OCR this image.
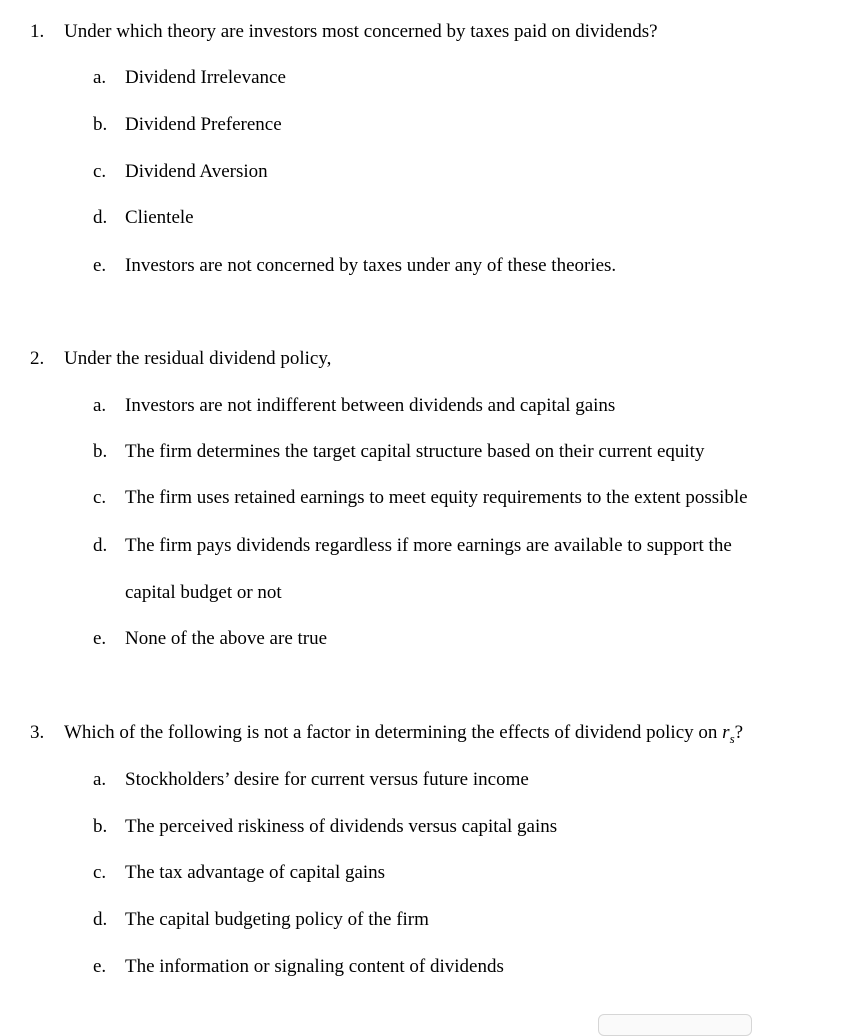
1. Under which theory are investors most concerned by taxes paid on dividends?
a. Dividend Irrelevance
b. Dividend Preference
c. Dividend Aversion
d. Clientele
e. Investors are not concerned by taxes under any of these theories.
2. Under the residual dividend policy,
a. Investors are not indifferent between dividends and capital gains
b. The firm determines the target capital structure based on their current equity
c. The firm uses retained earnings to meet equity requirements to the extent possible
d. The firm pays dividends regardless if more earnings are available to support the
capital budget or not
e. None of the above are true
3. Which of the following is not a factor in determining the effects of dividend policy on $r_s$?
a. Stockholders’ desire for current versus future income
b. The perceived riskiness of dividends versus capital gains
c. The tax advantage of capital gains
d. The capital budgeting policy of the firm
e. The information or signaling content of dividends
